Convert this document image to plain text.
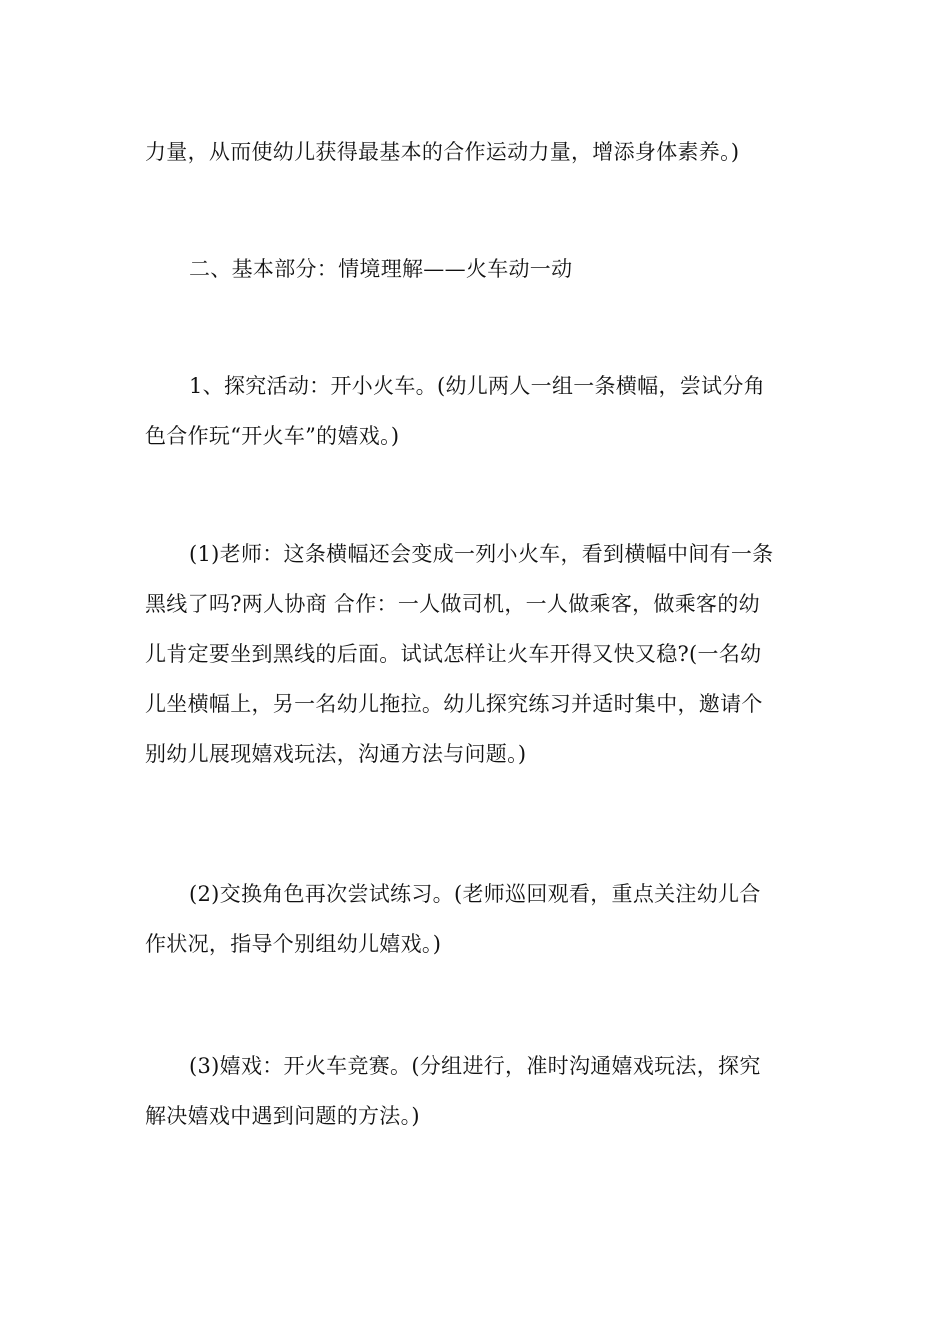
力量，从而使幼儿获得最基本的合作运动力量，增添身体素养。)
二、基本部分：情境理解——火车动一动
1、探究活动：开小火车。(幼儿两人一组一条横幅，尝试分角
色合作玩“开火车”的嬉戏。)
(1)老师：这条横幅还会变成一列小火车，看到横幅中间有一条
黑线了吗?两人协商 合作：一人做司机，一人做乘客，做乘客的幼
儿肯定要坐到黑线的后面。试试怎样让火车开得又快又稳?(一名幼
儿坐横幅上，另一名幼儿拖拉。幼儿探究练习并适时集中，邀请个
别幼儿展现嬉戏玩法，沟通方法与问题。)
(2)交换角色再次尝试练习。(老师巡回观看，重点关注幼儿合
作状况，指导个别组幼儿嬉戏。)
(3)嬉戏：开火车竞赛。(分组进行，准时沟通嬉戏玩法，探究
解决嬉戏中遇到问题的方法。)
